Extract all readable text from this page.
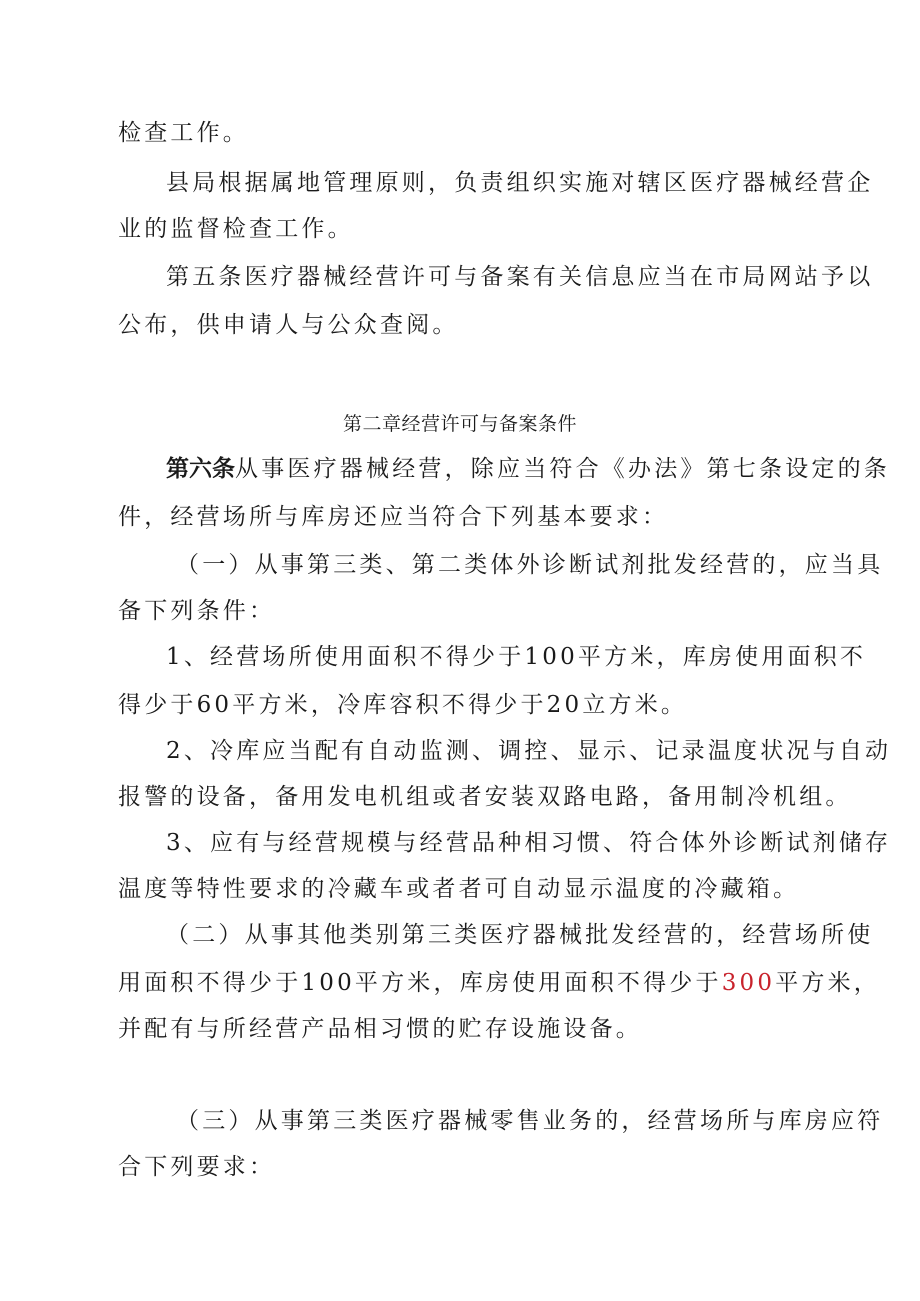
检查工作。
县局根据属地管理原则，负责组织实施对辖区医疗器械经营企
业的监督检查工作。
第五条医疗器械经营许可与备案有关信息应当在市局网站予以
公布，供申请人与公众查阅。
第二章经营许可与备案条件
第六条从事医疗器械经营，除应当符合《办法》第七条设定的条
件，经营场所与库房还应当符合下列基本要求：
（一）从事第三类、第二类体外诊断试剂批发经营的，应当具
备下列条件：
1、经营场所使用面积不得少于100平方米，库房使用面积不
得少于60平方米，冷库容积不得少于20立方米。
2、冷库应当配有自动监测、调控、显示、记录温度状况与自动
报警的设备，备用发电机组或者安装双路电路，备用制冷机组。
3、应有与经营规模与经营品种相习惯、符合体外诊断试剂储存
温度等特性要求的冷藏车或者者可自动显示温度的冷藏箱。
（二）从事其他类别第三类医疗器械批发经营的，经营场所使
用面积不得少于100平方米，库房使用面积不得少于300平方米，
并配有与所经营产品相习惯的贮存设施设备。
（三）从事第三类医疗器械零售业务的，经营场所与库房应符
合下列要求：
